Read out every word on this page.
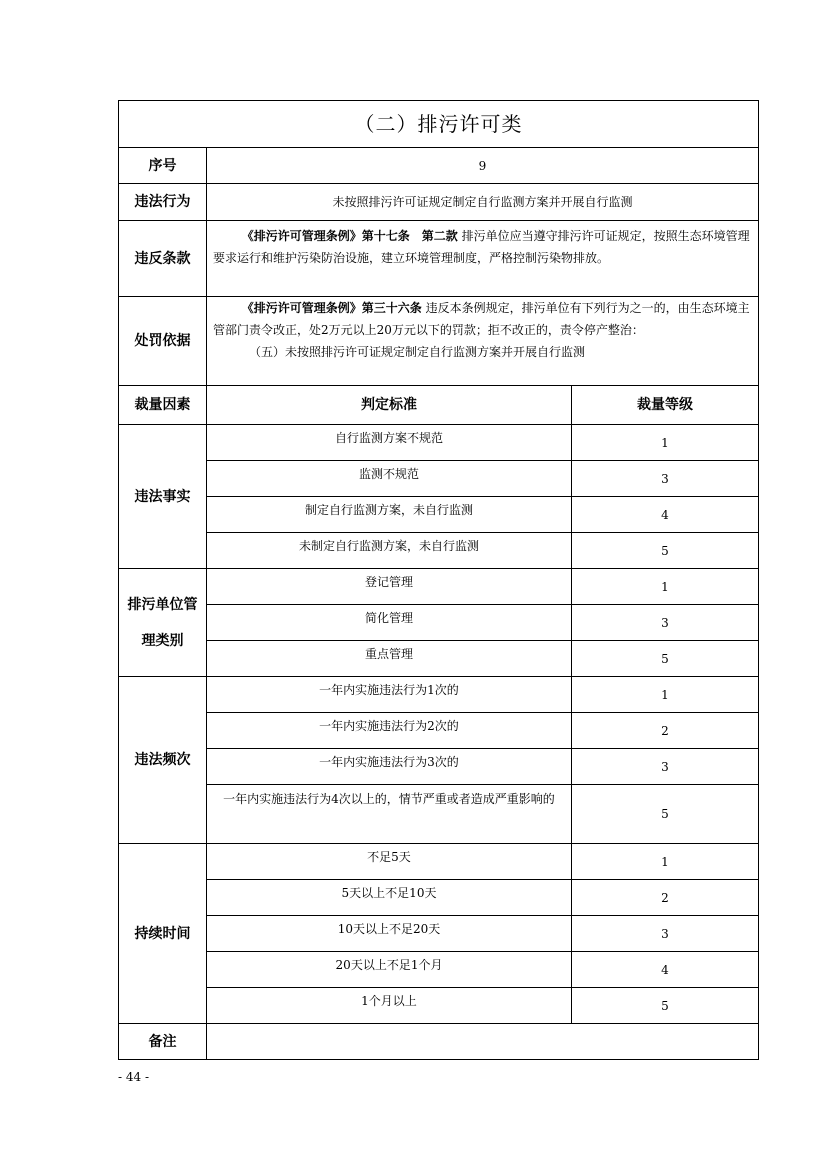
（二）排污许可类		
序号	9	
违法行为	未按照排污许可证规定制定自行监测方案并开展自行监测	
违反条款	《排污许可管理条例》第十七条　第二款 排污单位应当遵守排污许可证规定，按照生态环境管理要求运行和维护污染防治设施，建立环境管理制度，严格控制污染物排放。	

处罚依据	《排污许可管理条例》第三十六条 违反本条例规定，排污单位有下列行为之一的，由生态环境主管部门责令改正，处2万元以上20万元以下的罚款；拒不改正的，责令停产整治：
（五）未按照排污许可证规定制定自行监测方案并开展自行监测	

裁量因素	判定标准	裁量等级
违法事实	自行监测方案不规范	1
	监测不规范	3
	制定自行监测方案，未自行监测	4
	未制定自行监测方案，未自行监测	5
排污单位管理类别	登记管理	1
	简化管理	3
	重点管理	5
违法频次	一年内实施违法行为1次的	1
	一年内实施违法行为2次的	2
	一年内实施违法行为3次的	3
	一年内实施违法行为4次以上的，情节严重或者造成严重影响的	5
持续时间	不足5天	1
	5天以上不足10天	2
	10天以上不足20天	3
	20天以上不足1个月	4
	1个月以上	5
备注		
- 44 -
